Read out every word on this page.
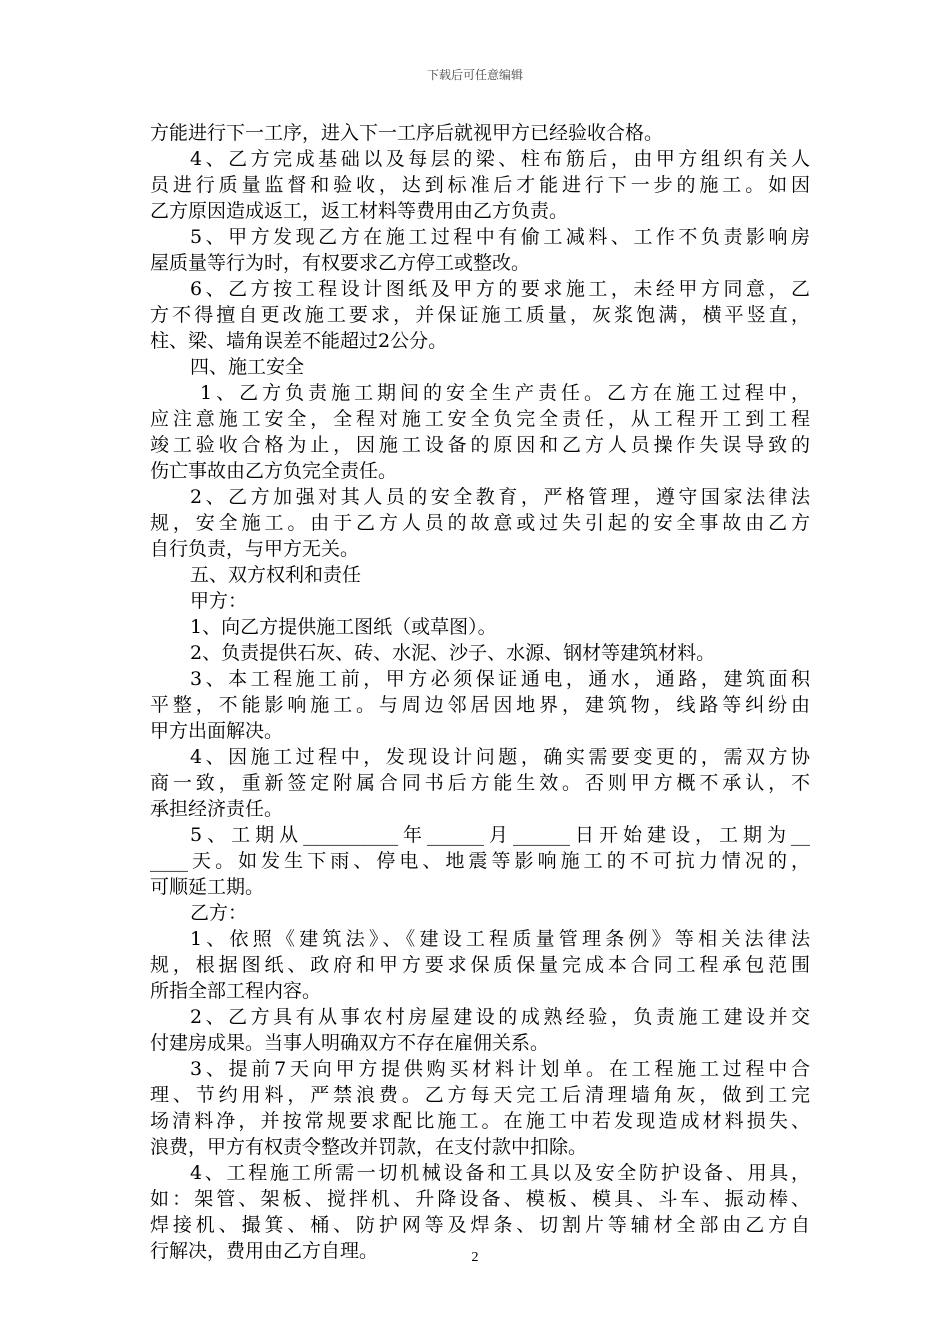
下载后可任意编辑
方能进行下一工序，进入下一工序后就视甲方已经验收合格。
4、乙方完成基础以及每层的梁、柱布筋后，由甲方组织有关人
员进行质量监督和验收，达到标准后才能进行下一步的施工。如因
乙方原因造成返工，返工材料等费用由乙方负责。
5、甲方发现乙方在施工过程中有偷工减料、工作不负责影响房
屋质量等行为时，有权要求乙方停工或整改。
6、乙方按工程设计图纸及甲方的要求施工，未经甲方同意，乙
方不得擅自更改施工要求，并保证施工质量，灰浆饱满，横平竖直，
柱、梁、墙角误差不能超过2公分。
四、施工安全
1、乙方负责施工期间的安全生产责任。乙方在施工过程中，
应注意施工安全，全程对施工安全负完全责任，从工程开工到工程
竣工验收合格为止，因施工设备的原因和乙方人员操作失误导致的
伤亡事故由乙方负完全责任。
2、乙方加强对其人员的安全教育，严格管理，遵守国家法律法
规，安全施工。由于乙方人员的故意或过失引起的安全事故由乙方
自行负责，与甲方无关。
五、双方权利和责任
甲方：
1、向乙方提供施工图纸（或草图）。
2、负责提供石灰、砖、水泥、沙子、水源、钢材等建筑材料。
3、本工程施工前，甲方必须保证通电，通水，通路，建筑面积
平整，不能影响施工。与周边邻居因地界，建筑物，线路等纠纷由
甲方出面解决。
4、因施工过程中，发现设计问题，确实需要变更的，需双方协
商一致，重新签定附属合同书后方能生效。否则甲方概不承认，不
承担经济责任。
5、工期从__________年______月______日开始建设，工期为__
____天。如发生下雨、停电、地震等影响施工的不可抗力情况的，
可顺延工期。
乙方：
1、依照《建筑法》、《建设工程质量管理条例》等相关法律法
规，根据图纸、政府和甲方要求保质保量完成本合同工程承包范围
所指全部工程内容。
2、乙方具有从事农村房屋建设的成熟经验，负责施工建设并交
付建房成果。当事人明确双方不存在雇佣关系。
3、提前7天向甲方提供购买材料计划单。在工程施工过程中合
理、节约用料，严禁浪费。乙方每天完工后清理墙角灰，做到工完
场清料净，并按常规要求配比施工。在施工中若发现造成材料损失、
浪费，甲方有权责令整改并罚款，在支付款中扣除。
4、工程施工所需一切机械设备和工具以及安全防护设备、用具，
如：架管、架板、搅拌机、升降设备、模板、模具、斗车、振动棒、
焊接机、撮箕、桶、防护网等及焊条、切割片等辅材全部由乙方自
行解决，费用由乙方自理。	2
